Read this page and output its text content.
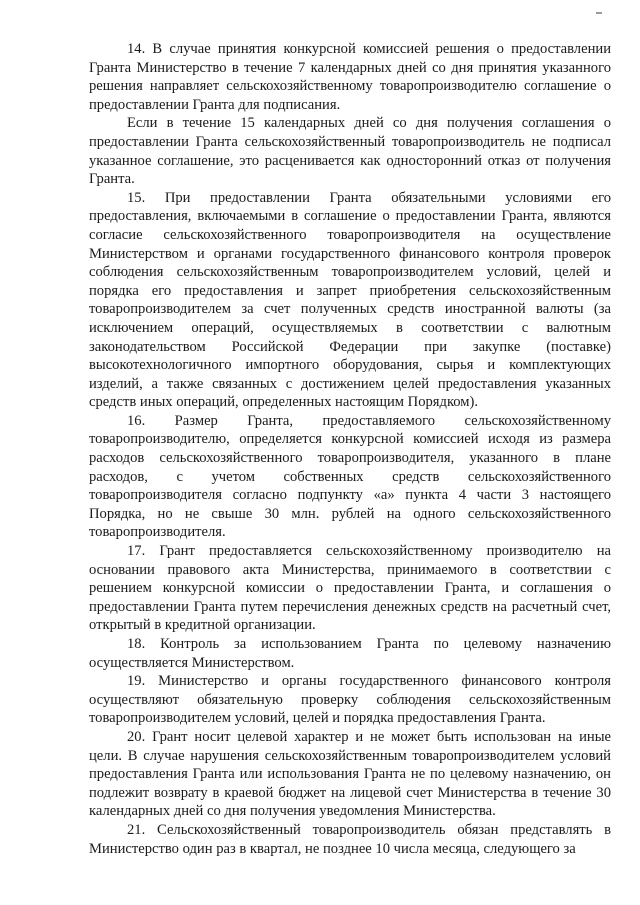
14. В случае принятия конкурсной комиссией решения о предоставлении Гранта Министерство в течение 7 календарных дней со дня принятия указанного решения направляет сельскохозяйственному товаропроизводителю соглашение о предоставлении Гранта для подписания.

Если в течение 15 календарных дней со дня получения соглашения о предоставлении Гранта сельскохозяйственный товаропроизводитель не подписал указанное соглашение, это расценивается как односторонний отказ от получения Гранта.

15. При предоставлении Гранта обязательными условиями его предоставления, включаемыми в соглашение о предоставлении Гранта, являются согласие сельскохозяйственного товаропроизводителя на осуществление Министерством и органами государственного финансового контроля проверок соблюдения сельскохозяйственным товаропроизводителем условий, целей и порядка его предоставления и запрет приобретения сельскохозяйственным товаропроизводителем за счет полученных средств иностранной валюты (за исключением операций, осуществляемых в соответствии с валютным законодательством Российской Федерации при закупке (поставке) высокотехнологичного импортного оборудования, сырья и комплектующих изделий, а также связанных с достижением целей предоставления указанных средств иных операций, определенных настоящим Порядком).

16. Размер Гранта, предоставляемого сельскохозяйственному товаропроизводителю, определяется конкурсной комиссией исходя из размера расходов сельскохозяйственного товаропроизводителя, указанного в плане расходов, с учетом собственных средств сельскохозяйственного товаропроизводителя согласно подпункту «а» пункта 4 части 3 настоящего Порядка, но не свыше 30 млн. рублей на одного сельскохозяйственного товаропроизводителя.

17. Грант предоставляется сельскохозяйственному производителю на основании правового акта Министерства, принимаемого в соответствии с решением конкурсной комиссии о предоставлении Гранта, и соглашения о предоставлении Гранта путем перечисления денежных средств на расчетный счет, открытый в кредитной организации.

18. Контроль за использованием Гранта по целевому назначению осуществляется Министерством.

19. Министерство и органы государственного финансового контроля осуществляют обязательную проверку соблюдения сельскохозяйственным товаропроизводителем условий, целей и порядка предоставления Гранта.

20. Грант носит целевой характер и не может быть использован на иные цели. В случае нарушения сельскохозяйственным товаропроизводителем условий предоставления Гранта или использования Гранта не по целевому назначению, он подлежит возврату в краевой бюджет на лицевой счет Министерства в течение 30 календарных дней со дня получения уведомления Министерства.

21. Сельскохозяйственный товаропроизводитель обязан представлять в Министерство один раз в квартал, не позднее 10 числа месяца, следующего за
